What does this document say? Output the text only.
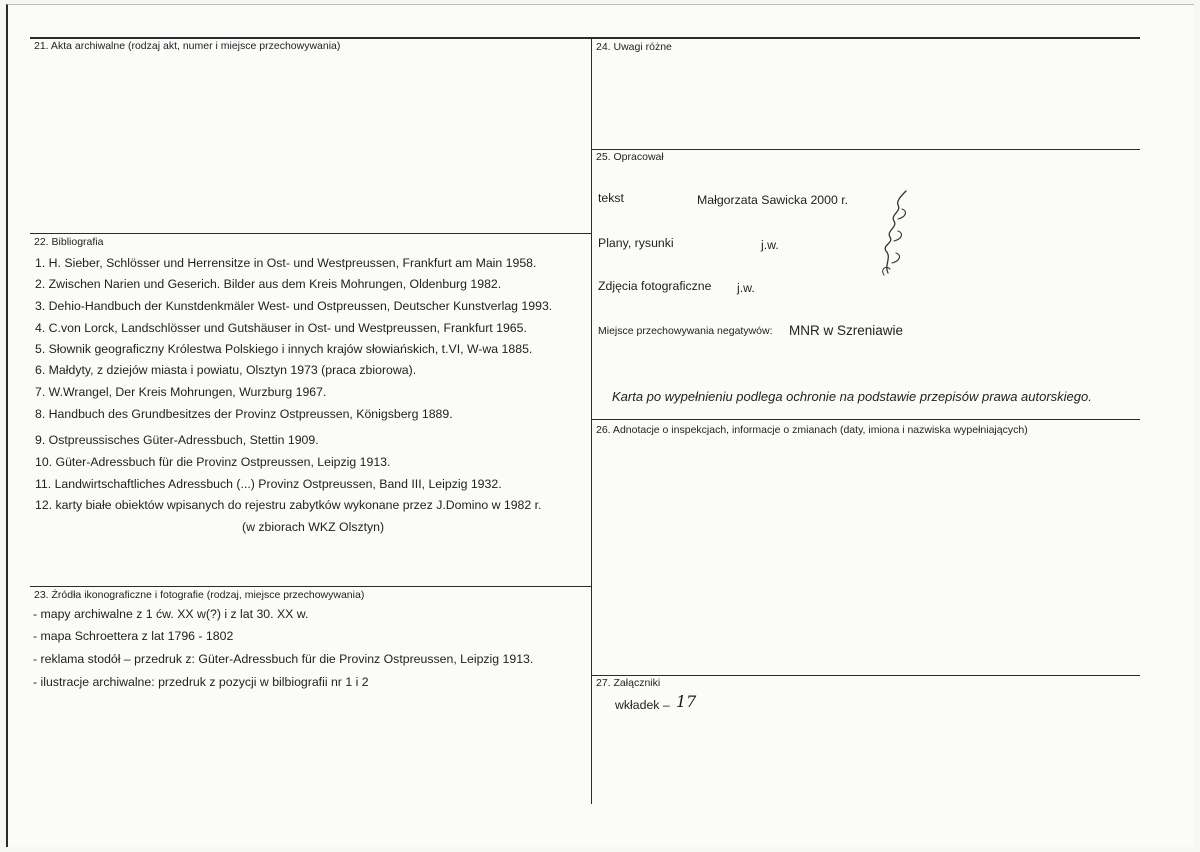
21. Akta archiwalne (rodzaj akt, numer i miejsce przechowywania)
22. Bibliografia
1. H. Sieber, Schlösser und Herrensitze in Ost- und Westpreussen, Frankfurt am Main 1958.
2. Zwischen Narien und Geserich. Bilder aus dem Kreis Mohrungen, Oldenburg 1982.
3. Dehio-Handbuch der Kunstdenkmäler West- und Ostpreussen, Deutscher Kunstverlag 1993.
4. C.von Lorck, Landschlösser und Gutshäuser in Ost- und Westpreussen, Frankfurt 1965.
5. Słownik geograficzny Królestwa Polskiego i innych krajów słowiańskich, t.VI, W-wa 1885.
6. Małdyty, z dziejów miasta i powiatu, Olsztyn 1973 (praca zbiorowa).
7. W.Wrangel, Der Kreis Mohrungen, Wurzburg 1967.
8. Handbuch des Grundbesitzes der Provinz Ostpreussen, Königsberg 1889.
9. Ostpreussisches Güter-Adressbuch, Stettin 1909.
10. Güter-Adressbuch für die Provinz Ostpreussen, Leipzig 1913.
11. Landwirtschaftliches Adressbuch (...) Provinz Ostpreussen, Band III, Leipzig 1932.
12. karty białe obiektów wpisanych do rejestru zabytków wykonane przez J.Domino w 1982 r.
(w zbiorach WKZ Olsztyn)
23. Źródła ikonograficzne i fotografie (rodzaj, miejsce przechowywania)
- mapy archiwalne z 1 ćw. XX w(?) i z lat 30. XX w.
- mapa Schroettera z lat 1796 - 1802
- reklama stodół – przedruk z: Güter-Adressbuch für die Provinz Ostpreussen, Leipzig 1913.
- ilustracje archiwalne: przedruk z pozycji w bilbiografii nr 1 i 2
24. Uwagi różne
25. Opracował
tekst	Małgorzata Sawicka 2000 r.
Plany, rysunki	j.w.
Zdjęcia fotograficzne j.w.
Miejsce przechowywania negatywów: MNR w Szreniawie
Karta po wypełnieniu podlega ochronie na podstawie przepisów prawa autorskiego.
26. Adnotacje o inspekcjach, informacje o zmianach (daty, imiona i nazwiska wypełniających)
27. Załączniki
wkładek – 17
